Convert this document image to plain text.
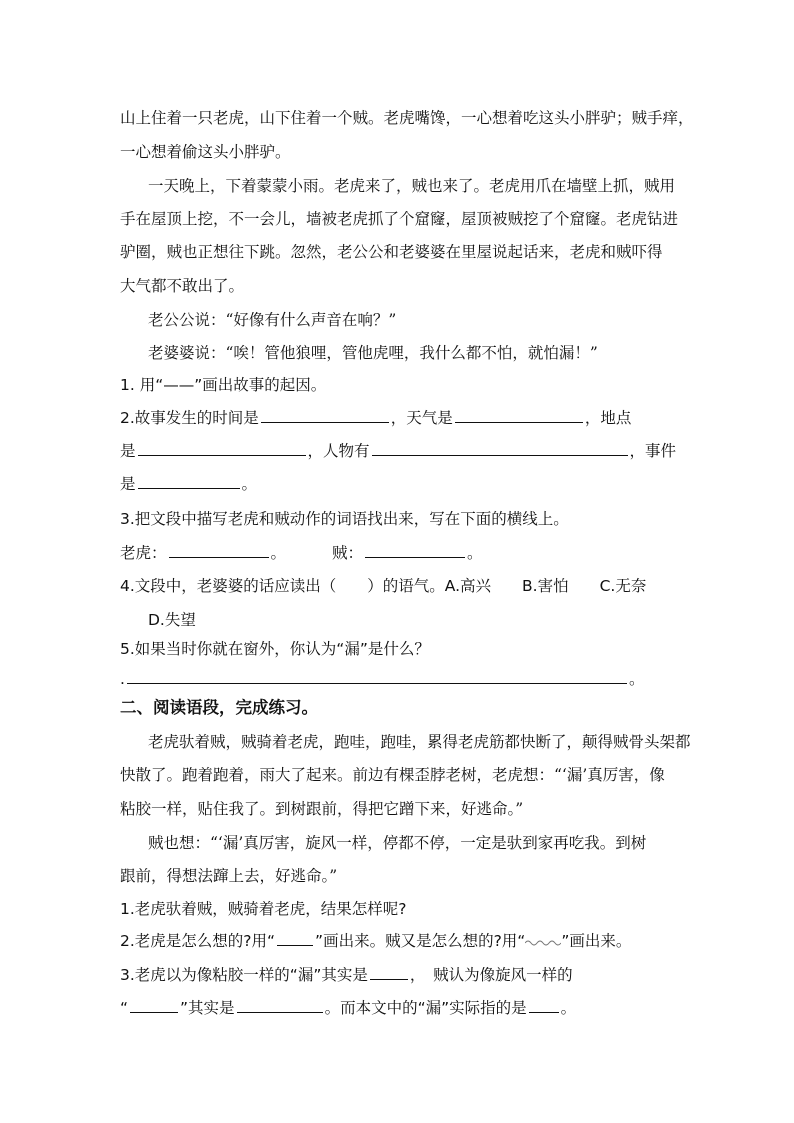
山上住着一只老虎，山下住着一个贼。老虎嘴馋，一心想着吃这头小胖驴；贼手痒，
一心想着偷这头小胖驴。
一天晚上，下着蒙蒙小雨。老虎来了，贼也来了。老虎用爪在墙壁上抓，贼用
手在屋顶上挖，不一会儿，墙被老虎抓了个窟窿，屋顶被贼挖了个窟窿。老虎钻进
驴圈，贼也正想往下跳。忽然，老公公和老婆婆在里屋说起话来，老虎和贼吓得
大气都不敢出了。
老公公说：“好像有什么声音在响？”
老婆婆说：“唉！管他狼哩，管他虎哩，我什么都不怕，就怕漏！”
1. 用“——”画出故事的起因。
2.故事发生的时间是	，天气是	，地点
是	，人物有	，事件
是	。
3.把文段中描写老虎和贼动作的词语找出来，写在下面的横线上。
老虎：	。	贼：	。
4.文段中，老婆婆的话应读出（　　）的语气。A.高兴　　B.害怕　　C.无奈
D.失望
5.如果当时你就在窗外，你认为“漏”是什么？
.	。
二、阅读语段，完成练习。
老虎驮着贼，贼骑着老虎，跑哇，跑哇，累得老虎筋都快断了，颠得贼骨头架都
快散了。跑着跑着，雨大了起来。前边有棵歪脖老树，老虎想：“‘漏’真厉害，像
粘胶一样，贴住我了。到树跟前，得把它蹭下来，好逃命。”
贼也想：“‘漏’真厉害，旋风一样，停都不停，一定是驮到家再吃我。到树
跟前，得想法蹿上去，好逃命。”
1.老虎驮着贼，贼骑着老虎，结果怎样呢?
2.老虎是怎么想的?用“	”画出来。贼又是怎么想的?用“ ”画出来。
3.老虎以为像粘胶一样的“漏”其实是	，　贼认为像旋风一样的
“	”其实是	。而本文中的“漏”实际指的是 。
